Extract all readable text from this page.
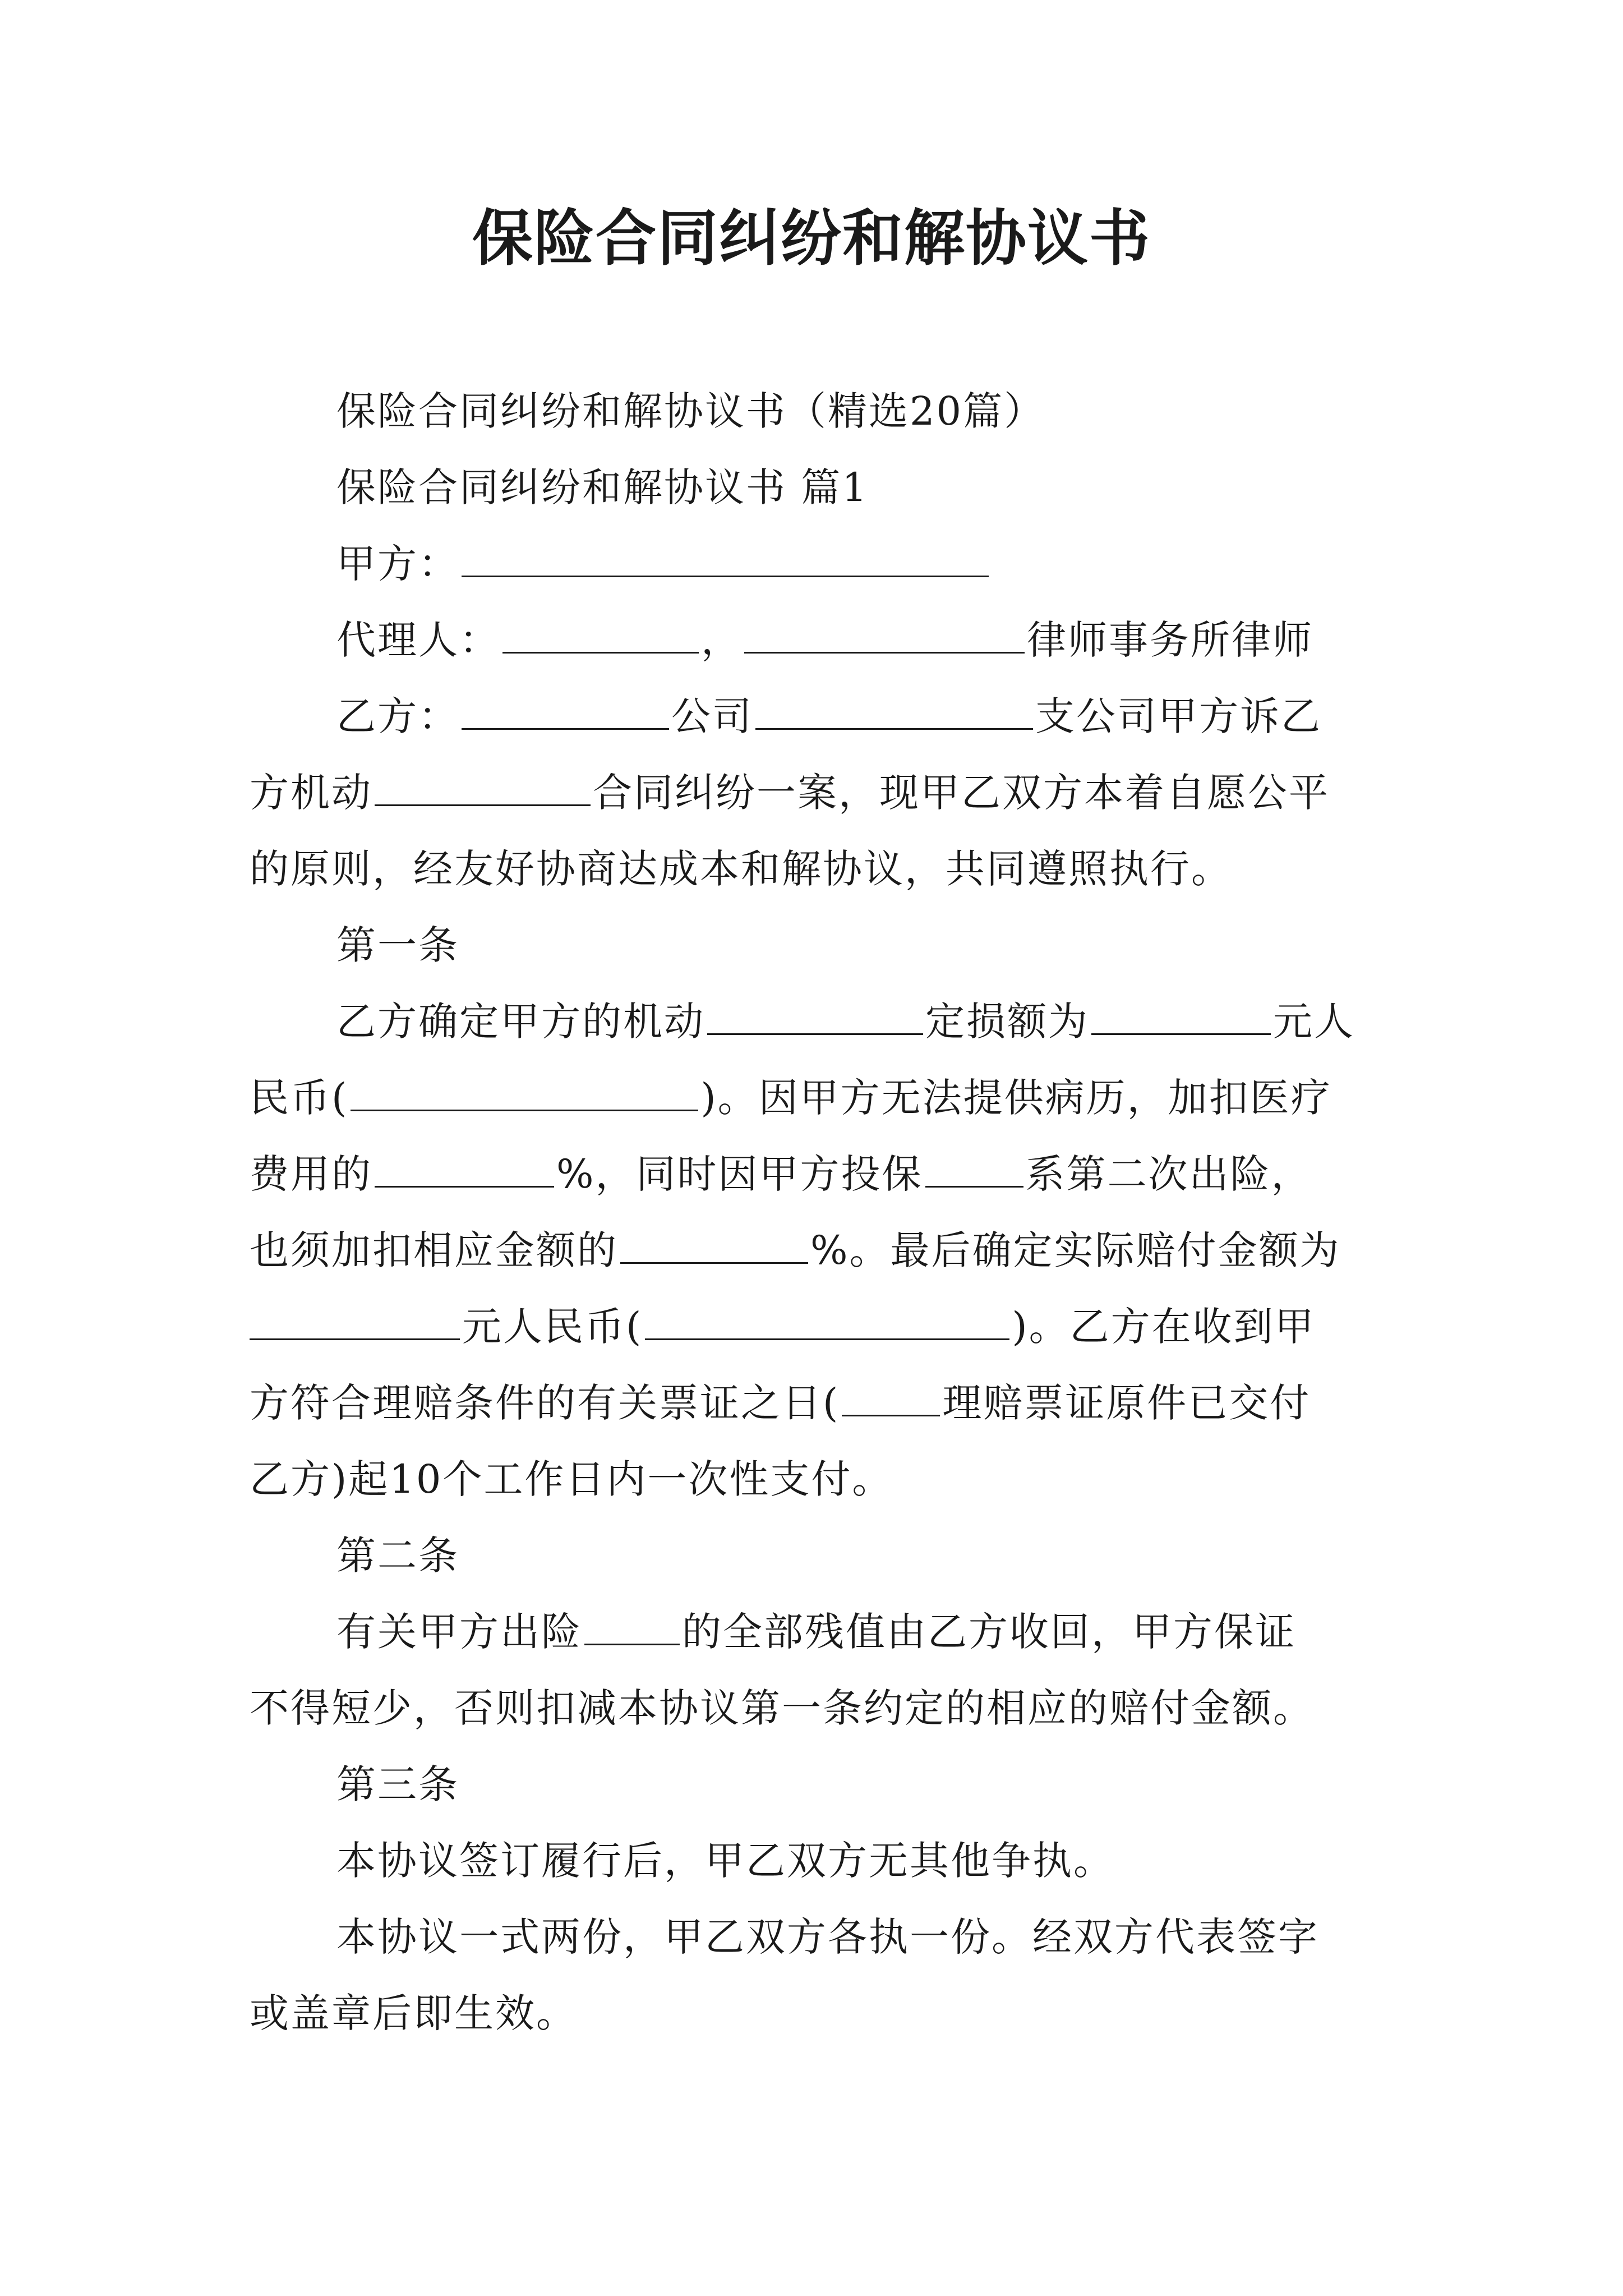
保险合同纠纷和解协议书
保险合同纠纷和解协议书（精选20篇）
保险合同纠纷和解协议书 篇1
甲方：
代理人：	，	律师事务所律师
乙方：	公司	支公司甲方诉乙
方机动	合同纠纷一案，现甲乙双方本着自愿公平
的原则，经友好协商达成本和解协议，共同遵照执行。
第一条
乙方确定甲方的机动	定损额为	元人
民币(	)。因甲方无法提供病历，加扣医疗
费用的	%，同时因甲方投保	系第二次出险，
也须加扣相应金额的	%。最后确定实际赔付金额为
元人民币(	)。乙方在收到甲
方符合理赔条件的有关票证之日(	理赔票证原件已交付
乙方)起10个工作日内一次性支付。
第二条
有关甲方出险	的全部残值由乙方收回，甲方保证
不得短少，否则扣减本协议第一条约定的相应的赔付金额。
第三条
本协议签订履行后，甲乙双方无其他争执。
本协议一式两份，甲乙双方各执一份。经双方代表签字
或盖章后即生效。
